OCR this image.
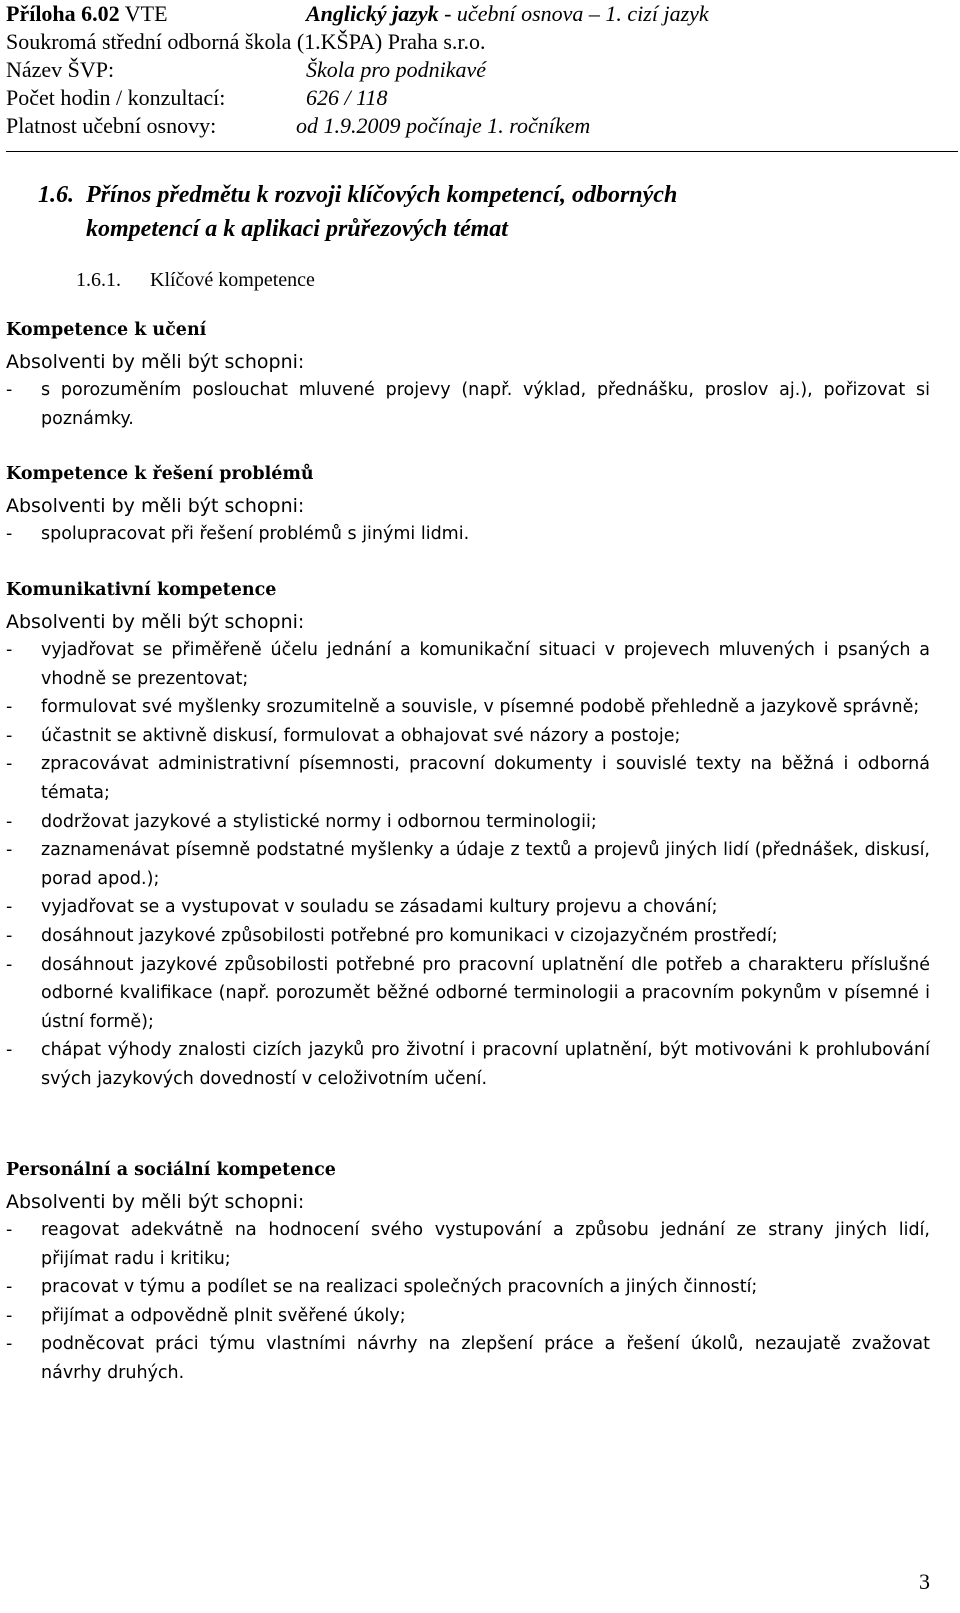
Příloha 6.02 VTE	Anglický jazyk - učební osnova – 1. cizí jazyk
Soukromá střední odborná škola (1.KŠPA) Praha s.r.o.
Název ŠVP:	Škola pro podnikavé
Počet hodin / konzultací:	626 / 118
Platnost učební osnovy:	od 1.9.2009 počínaje 1. ročníkem
1.6. Přínos předmětu k rozvoji klíčových kompetencí, odborných
kompetencí a k aplikaci průřezových témat
1.6.1. Klíčové kompetence
Kompetence k učení
Absolventi by měli být schopni:
- s porozuměním poslouchat mluvené projevy (např. výklad, přednášku, proslov aj.), pořizovat si poznámky.
Kompetence k řešení problémů
Absolventi by měli být schopni:
- spolupracovat při řešení problémů s jinými lidmi.
Komunikativní kompetence
Absolventi by měli být schopni:
- vyjadřovat se přiměřeně účelu jednání a komunikační situaci v projevech mluvených i psaných a vhodně se prezentovat;
- formulovat své myšlenky srozumitelně a souvisle, v písemné podobě přehledně a jazykově správně;
- účastnit se aktivně diskusí, formulovat a obhajovat své názory a postoje;
- zpracovávat administrativní písemnosti, pracovní dokumenty i souvislé texty na běžná i odborná témata;
- dodržovat jazykové a stylistické normy i odbornou terminologii;
- zaznamenávat písemně podstatné myšlenky a údaje z textů a projevů jiných lidí (přednášek, diskusí, porad apod.);
- vyjadřovat se a vystupovat v souladu se zásadami kultury projevu a chování;
- dosáhnout jazykové způsobilosti potřebné pro komunikaci v cizojazyčném prostředí;
- dosáhnout jazykové způsobilosti potřebné pro pracovní uplatnění dle potřeb a charakteru příslušné odborné kvalifikace (např. porozumět běžné odborné terminologii a pracovním pokynům v písemné i ústní formě);
- chápat výhody znalosti cizích jazyků pro životní i pracovní uplatnění, být motivováni k prohlubování svých jazykových dovedností v celoživotním učení.
Personální a sociální kompetence
Absolventi by měli být schopni:
- reagovat adekvátně na hodnocení svého vystupování a způsobu jednání ze strany jiných lidí, přijímat radu i kritiku;
- pracovat v týmu a podílet se na realizaci společných pracovních a jiných činností;
- přijímat a odpovědně plnit svěřené úkoly;
- podněcovat práci týmu vlastními návrhy na zlepšení práce a řešení úkolů, nezaujatě zvažovat návrhy druhých.
3
